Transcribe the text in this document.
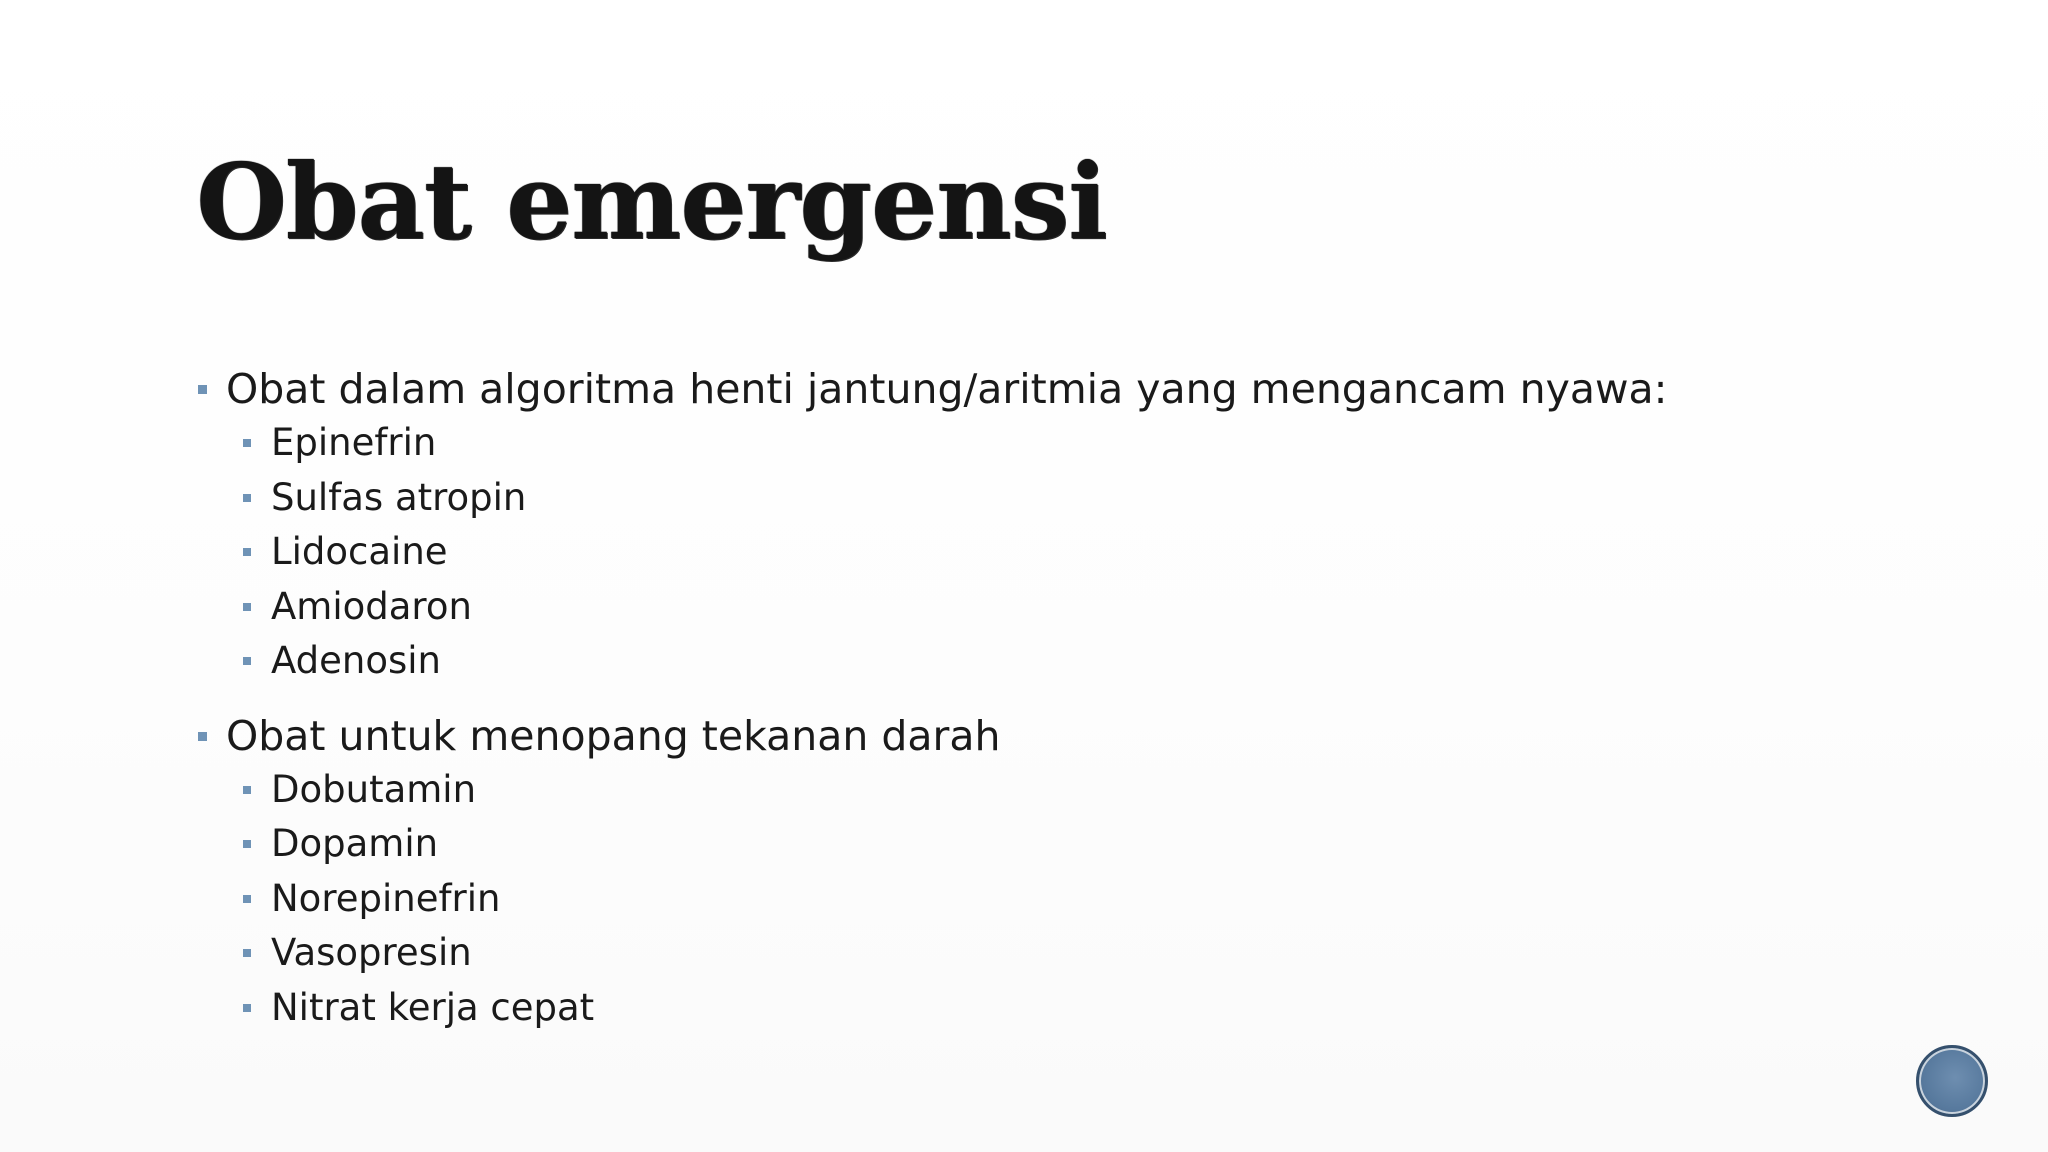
Obat emergensi
Obat dalam algoritma henti jantung/aritmia yang mengancam nyawa:
Epinefrin
Sulfas atropin
Lidocaine
Amiodaron
Adenosin
Obat untuk menopang tekanan darah
Dobutamin
Dopamin
Norepinefrin
Vasopresin
Nitrat kerja cepat
